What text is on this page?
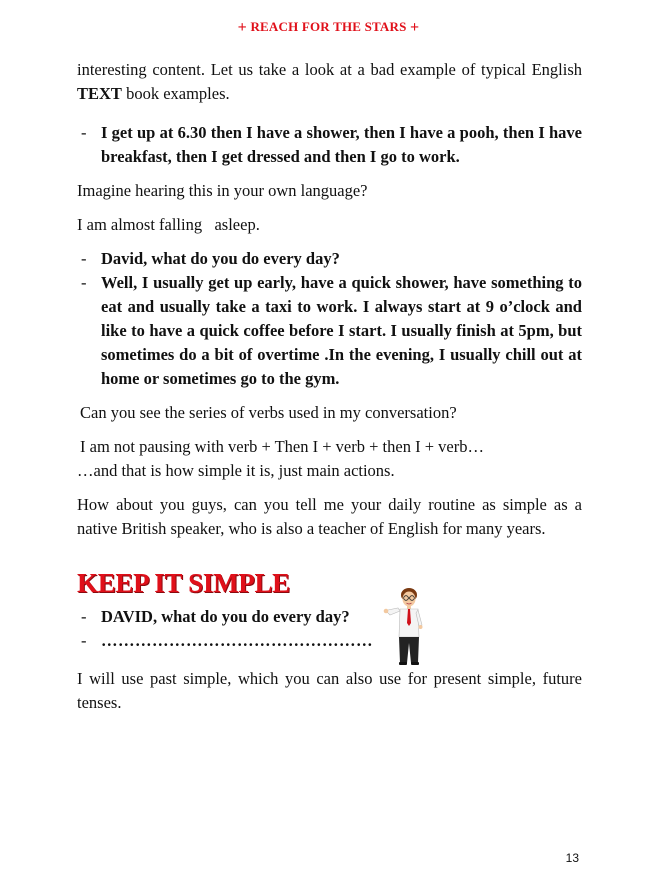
+ REACH FOR THE STARS +

interesting content. Let us take a look at a bad example of typical English TEXT book examples.

- I get up at 6.30 then I have a shower, then I have a pooh, then I have breakfast, then I get dressed and then I go to work.

Imagine hearing this in your own language?

I am almost falling   asleep.

- David, what do you do every day?
- Well, I usually get up early, have a quick shower, have something to eat and usually take a taxi to work. I always start at 9 o’clock and like to have a quick coffee before I start. I usually finish at 5pm, but sometimes do a bit of overtime .In the evening, I usually chill out at home or sometimes go to the gym.

Can you see the series of verbs used in my conversation?

I am not pausing with verb + Then I + verb + then I + verb…

…and that is how simple it is, just main actions.

How about you guys, can you tell me your daily routine as simple as a native British speaker, who is also a teacher of English for many years.

KEEP IT SIMPLE
- DAVID, what do you do every day?
- …………………………………………

I will use past simple, which you can also use for present simple, future tenses.

13
